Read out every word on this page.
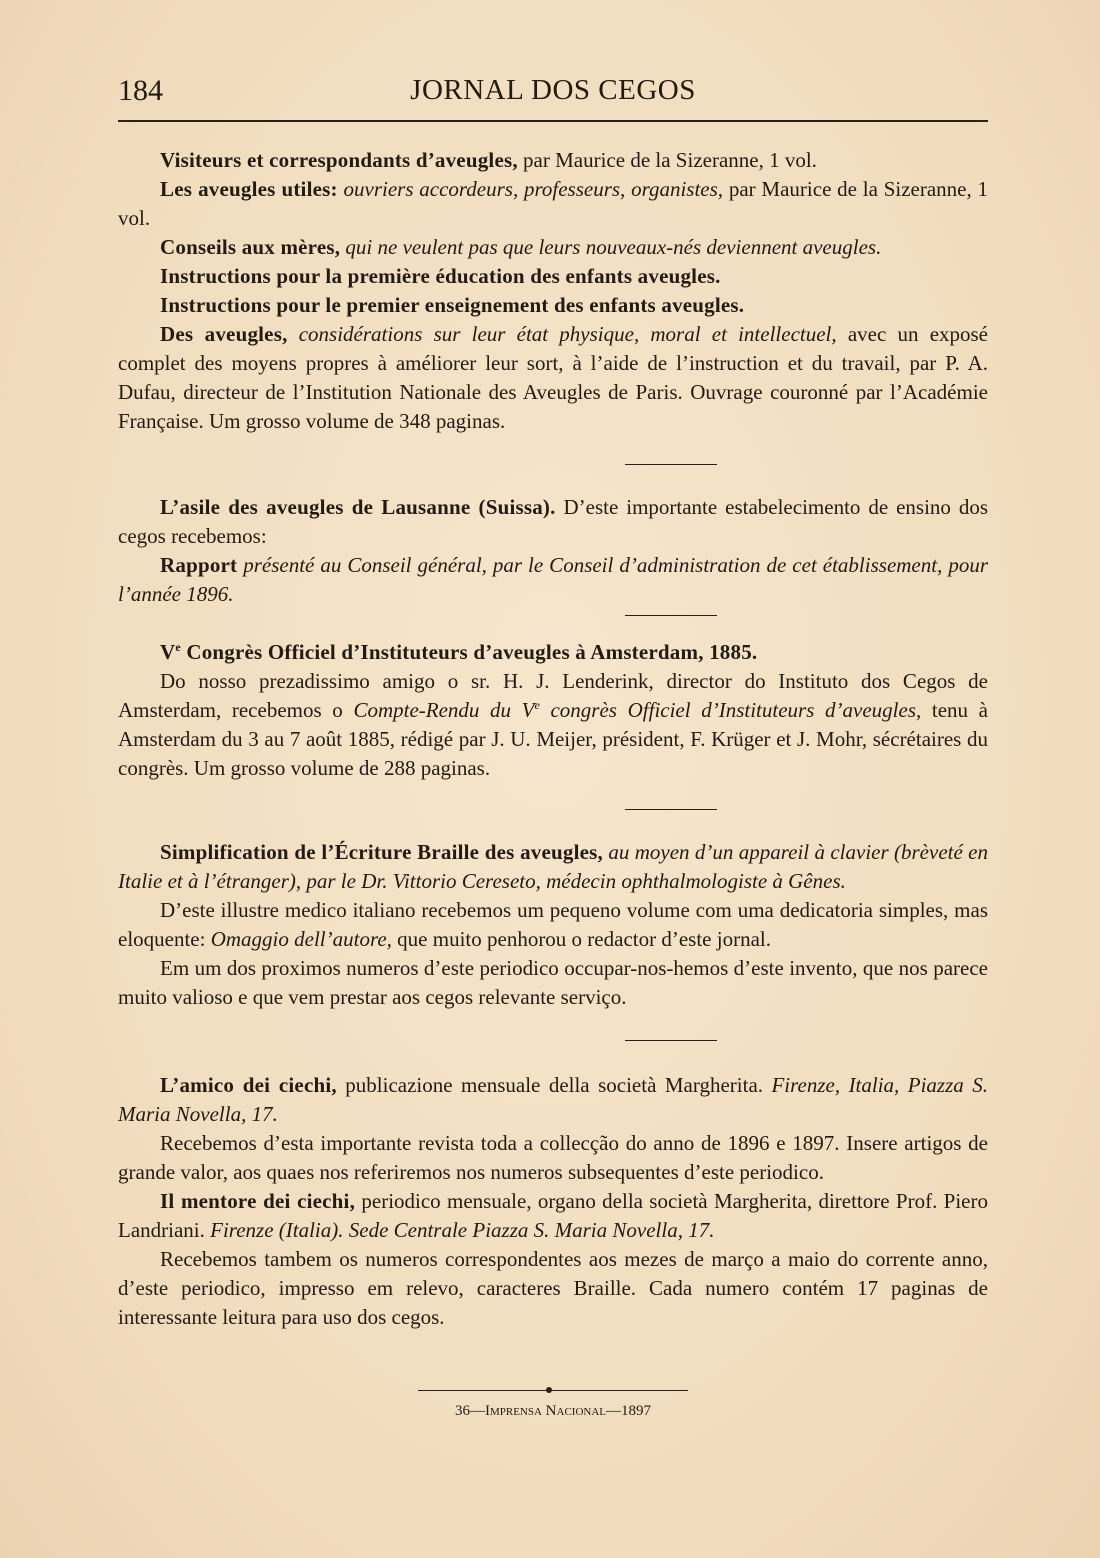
184	JORNAL DOS CEGOS

Visiteurs et correspondants d’aveugles, par Maurice de la Sizeranne, 1 vol.

Les aveugles utiles: ouvriers accordeurs, professeurs, organistes, par Maurice de la Sizeranne, 1 vol.

Conseils aux mères, qui ne veulent pas que leurs nouveaux-nés deviennent aveugles.

Instructions pour la première éducation des enfants aveugles.

Instructions pour le premier enseignement des enfants aveugles.

Des aveugles, considérations sur leur état physique, moral et intellectuel, avec un exposé complet des moyens propres à améliorer leur sort, à l’aide de l’instruction et du travail, par P. A. Dufau, directeur de l’Institution Nationale des Aveugles de Paris. Ouvrage couronné par l’Académie Française. Um grosso volume de 348 paginas.

L’asile des aveugles de Lausanne (Suissa). D’este importante estabelecimento de ensino dos cegos recebemos:

Rapport présenté au Conseil général, par le Conseil d’administration de cet établissement, pour l’année 1896.

Ve Congrès Officiel d’Instituteurs d’aveugles à Amsterdam, 1885.

Do nosso prezadissimo amigo o sr. H. J. Lenderink, director do Instituto dos Cegos de Amsterdam, recebemos o Compte-Rendu du Ve congrès Officiel d’Instituteurs d’aveugles, tenu à Amsterdam du 3 au 7 août 1885, rédigé par J. U. Meijer, président, F. Krüger et J. Mohr, sécrétaires du congrès. Um grosso volume de 288 paginas.

Simplification de l’Écriture Braille des aveugles, au moyen d’un appareil à clavier (brèveté en Italie et à l’étranger), par le Dr. Vittorio Cereseto, médecin ophthalmologiste à Gênes.

D’este illustre medico italiano recebemos um pequeno volume com uma dedicatoria simples, mas eloquente: Omaggio dell’autore, que muito penhorou o redactor d’este jornal.

Em um dos proximos numeros d’este periodico occupar-nos-hemos d’este invento, que nos parece muito valioso e que vem prestar aos cegos relevante serviço.

L’amico dei ciechi, publicazione mensuale della società Margherita. Firenze, Italia, Piazza S. Maria Novella, 17.

Recebemos d’esta importante revista toda a collecção do anno de 1896 e 1897. Insere artigos de grande valor, aos quaes nos referiremos nos numeros subsequentes d’este periodico.

Il mentore dei ciechi, periodico mensuale, organo della società Margherita, direttore Prof. Piero Landriani. Firenze (Italia). Sede Centrale Piazza S. Maria Novella, 17.

Recebemos tambem os numeros correspondentes aos mezes de março a maio do corrente anno, d’este periodico, impresso em relevo, caracteres Braille. Cada numero contém 17 paginas de interessante leitura para uso dos cegos.

36—Imprensa Nacional—1897
